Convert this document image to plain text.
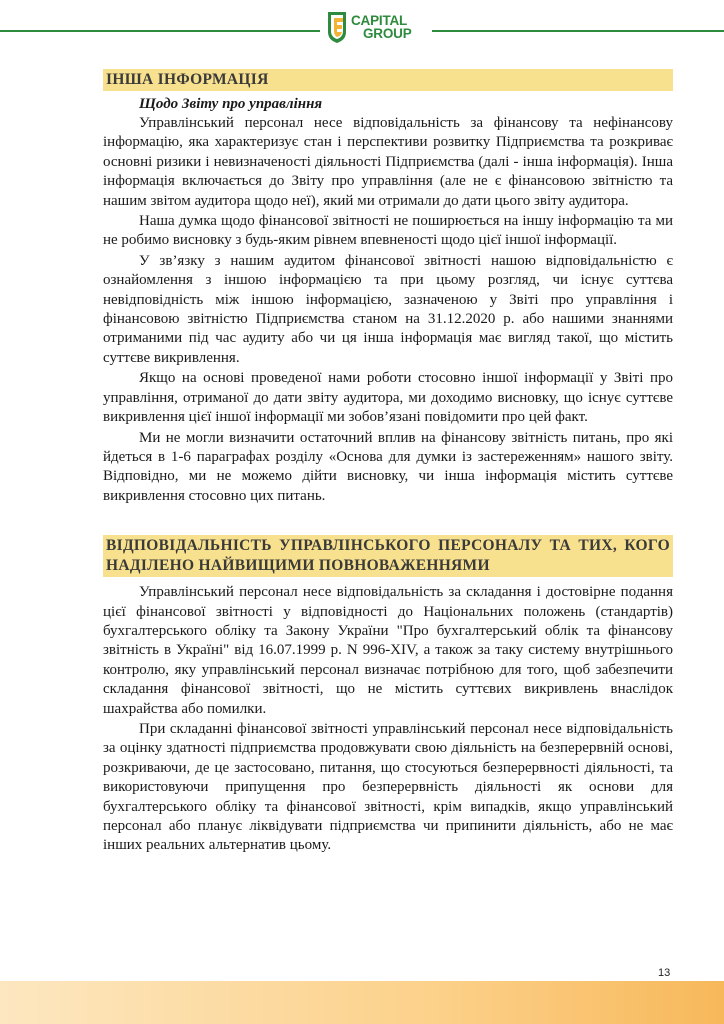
CAPITAL
GROUP
ІНША ІНФОРМАЦІЯ

Щодо Звіту про управління

Управлінський персонал несе відповідальність за фінансову та нефінансову інформацію, яка характеризує стан і перспективи розвитку Підприємства та розкриває основні ризики і невизначеності діяльності Підприємства (далі - інша інформація). Інша інформація включається до Звіту про управління (але не є фінансовою звітністю та нашим звітом аудитора щодо неї), який ми отримали до дати цього звіту аудитора.

Наша думка щодо фінансової звітності не поширюється на іншу інформацію та ми не робимо висновку з будь-яким рівнем впевненості щодо цієї іншої інформації.

У зв’язку з нашим аудитом фінансової звітності нашою відповідальністю є ознайомлення з іншою інформацією та при цьому розгляд, чи існує суттєва невідповідність між іншою інформацією, зазначеною у Звіті про управління і фінансовою звітністю Підприємства станом на 31.12.2020 р. або нашими знаннями отриманими під час аудиту або чи ця інша інформація має вигляд такої, що містить суттєве викривлення.

Якщо на основі проведеної нами роботи стосовно іншої інформації у Звіті про управління, отриманої до дати звіту аудитора, ми доходимо висновку, що існує суттєве викривлення цієї іншої інформації ми зобов’язані повідомити про цей факт.

Ми не могли визначити остаточний вплив на фінансову звітність питань, про які йдеться в 1-6 параграфах розділу «Основа для думки із застереженням» нашого звіту. Відповідно, ми не можемо дійти висновку, чи інша інформація містить суттєве викривлення стосовно цих питань.

ВІДПОВІДАЛЬНІСТЬ УПРАВЛІНСЬКОГО ПЕРСОНАЛУ ТА ТИХ, КОГО НАДІЛЕНО НАЙВИЩИМИ ПОВНОВАЖЕННЯМИ

Управлінський персонал несе відповідальність за складання і достовірне подання цієї фінансової звітності у відповідності до Національних положень (стандартів) бухгалтерського обліку та Закону України "Про бухгалтерський облік та фінансову звітність в Україні" від 16.07.1999 р. N 996-XIV, а також за таку систему внутрішнього контролю, яку управлінський персонал визначає потрібною для того, щоб забезпечити складання фінансової звітності, що не містить суттєвих викривлень внаслідок шахрайства або помилки.

При складанні фінансової звітності управлінський персонал несе відповідальність за оцінку здатності підприємства продовжувати свою діяльність на безперервній основі, розкриваючи, де це застосовано, питання, що стосуються безперервності діяльності, та використовуючи припущення про безперервність діяльності як основи для бухгалтерського обліку та фінансової звітності, крім випадків, якщо управлінський персонал або планує ліквідувати підприємства чи припинити діяльність, або не має інших реальних альтернатив цьому.

13
